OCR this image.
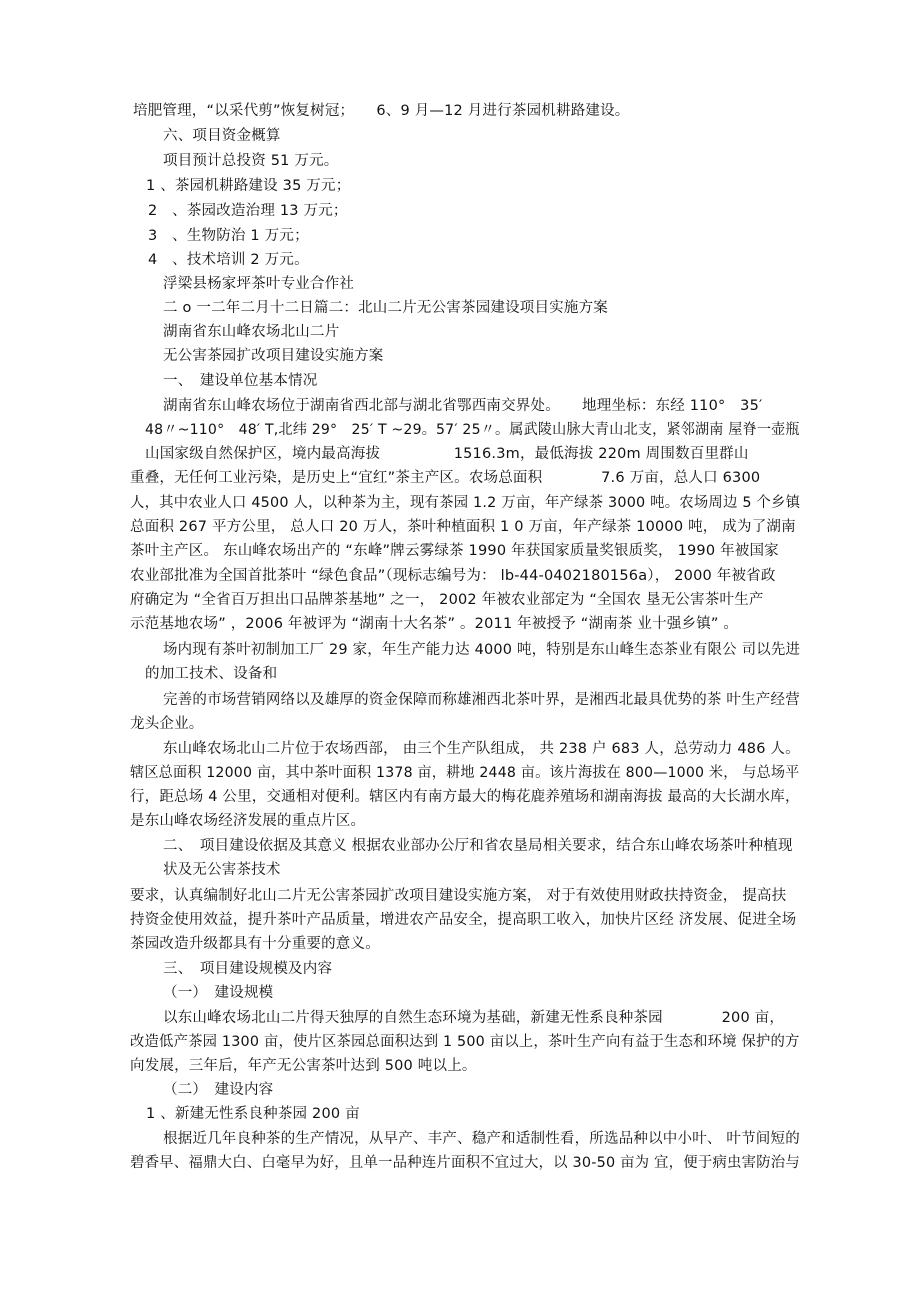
培肥管理，“以采代剪”恢复树冠；　　6、9 月—12 月进行茶园机耕路建设。
六、项目资金概算
项目预计总投资 51 万元。
1 、茶园机耕路建设 35 万元；
2　、茶园改造治理 13 万元；
3　、生物防治 1 万元；
4　、技术培训 2 万元。
浮梁县杨家坪茶叶专业合作社
二 o 一二年二月十二日篇二：北山二片无公害茶园建设项目实施方案
湖南省东山峰农场北山二片
无公害茶园扩改项目建设实施方案
一、　建设单位基本情况
湖南省东山峰农场位于湖南省西北部与湖北省鄂西南交界处。　　地理坐标：东经 110°　35′
48〃~110°　48′ T,北纬 29°　25′ T ~29。57′ 25〃。属武陵山脉大青山北支，紧邻湖南 屋脊一壶瓶
山国家级自然保护区，境内最高海拔　　　　　1516.3m，最低海拔 220m 周围数百里群山
重叠，无任何工业污染，是历史上“宜红”茶主产区。农场总面积　　　　7.6 万亩，总人口 6300
人，其中农业人口 4500 人，以种茶为主，现有茶园 1.2 万亩，年产绿茶 3000 吨。农场周边 5 个乡镇
总面积 267 平方公里， 总人口 20 万人，茶叶种植面积 1 0 万亩，年产绿茶 10000 吨， 成为了湖南
茶叶主产区。 东山峰农场出产的 “东峰”牌云雾绿茶 1990 年获国家质量奖银质奖， 1990 年被国家
农业部批准为全国首批茶叶 “绿色食品”（现标志编号为： lb-44-0402180156a）， 2000 年被省政
府确定为 “全省百万担出口品牌茶基地” 之一， 2002 年被农业部定为 “全国农 垦无公害茶叶生产
示范基地农场” ，2006 年被评为 “湖南十大名茶” 。2011 年被授予 “湖南茶 业十强乡镇” 。
场内现有茶叶初制加工厂 29 家，年生产能力达 4000 吨，特别是东山峰生态茶业有限公 司以先进
的加工技术、设备和
完善的市场营销网络以及雄厚的资金保障而称雄湘西北茶叶界，是湘西北最具优势的茶 叶生产经营
龙头企业。
东山峰农场北山二片位于农场西部， 由三个生产队组成， 共 238 户 683 人，总劳动力 486 人。
辖区总面积 12000 亩，其中茶叶面积 1378 亩，耕地 2448 亩。该片海拔在 800—1000 米， 与总场平
行，距总场 4 公里，交通相对便利。辖区内有南方最大的梅花鹿养殖场和湖南海拔 最高的大长湖水库，
是东山峰农场经济发展的重点片区。
二、　项目建设依据及其意义 根据农业部办公厅和省农垦局相关要求，结合东山峰农场茶叶种植现
状及无公害茶技术
要求，认真编制好北山二片无公害茶园扩改项目建设实施方案， 对于有效使用财政扶持资金， 提高扶
持资金使用效益，提升茶叶产品质量，增进农产品安全，提高职工收入，加快片区经 济发展、促进全场
茶园改造升级都具有十分重要的意义。
三、　项目建设规模及内容
（一）　建设规模
以东山峰农场北山二片得天独厚的自然生态环境为基础，新建无性系良种茶园　　　　200 亩，
改造低产茶园 1300 亩，使片区茶园总面积达到 1 500 亩以上，茶叶生产向有益于生态和环境 保护的方
向发展，三年后，年产无公害茶叶达到 500 吨以上。
（二）　建设内容
1 、新建无性系良种茶园 200 亩
根据近几年良种茶的生产情况，从早产、丰产、稳产和适制性看，所选品种以中小叶、 叶节间短的
碧香早、福鼎大白、白毫早为好，且单一品种连片面积不宜过大，以 30-50 亩为 宜，便于病虫害防治与
